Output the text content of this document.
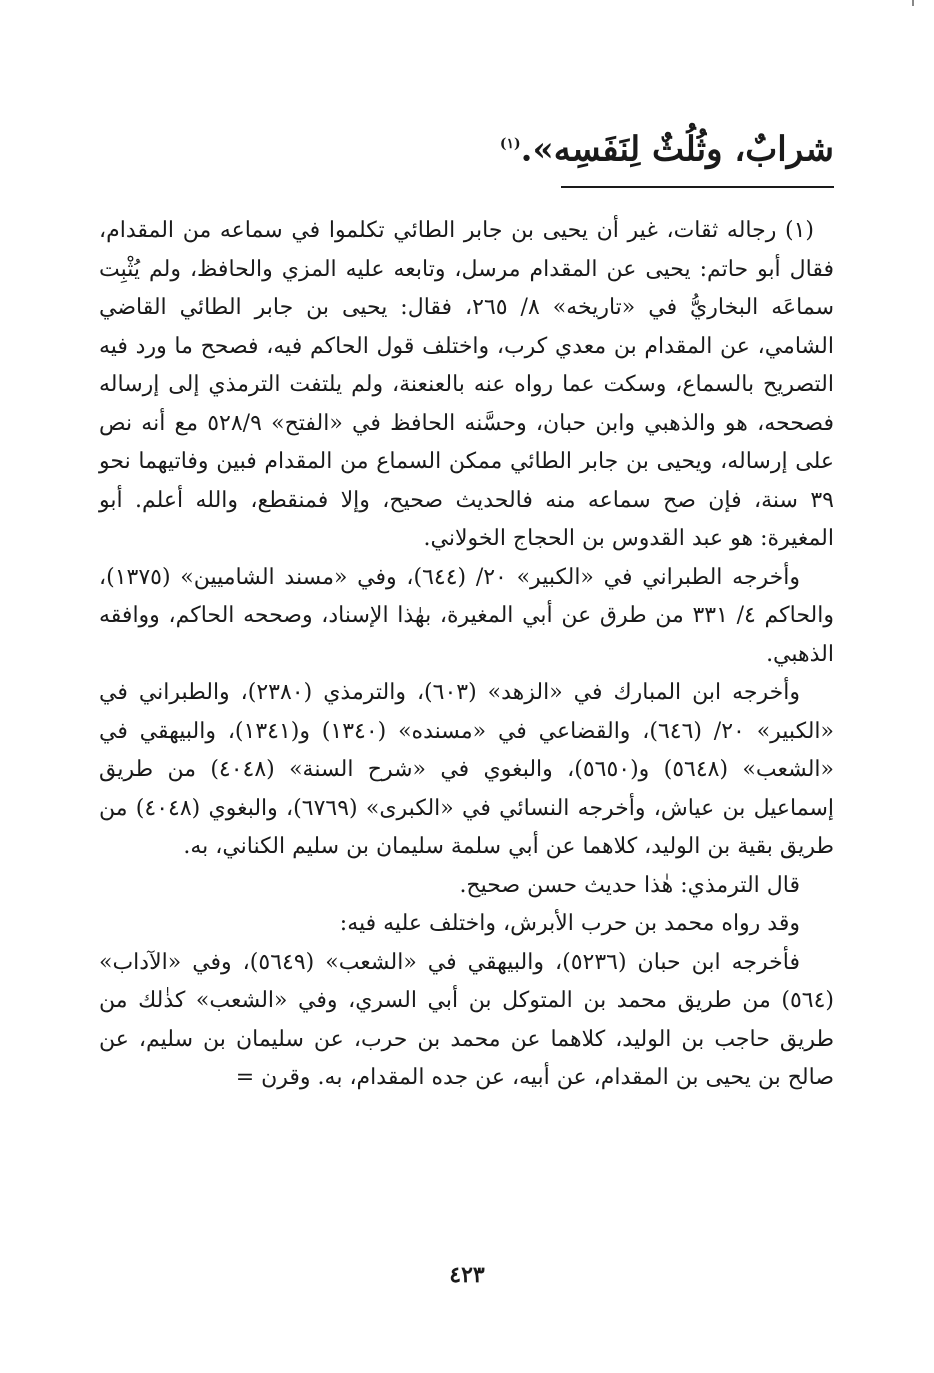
شرابٌ، وثُلُثٌ لِنَفَسِه».$^{(١)}$

(١) رجاله ثقات، غير أن يحيى بن جابر الطائي تكلموا في سماعه من المقدام، فقال أبو حاتم: يحيى عن المقدام مرسل، وتابعه عليه المزي والحافظ، ولم يُثْبِت سماعَه البخاريُّ في «تاريخه» ٨/ ٢٦٥، فقال: يحيى بن جابر الطائي القاضي الشامي، عن المقدام بن معدي كرب، واختلف قول الحاكم فيه، فصحح ما ورد فيه التصريح بالسماع، وسكت عما رواه عنه بالعنعنة، ولم يلتفت الترمذي إلى إرساله فصححه، هو والذهبي وابن حبان، وحسَّنه الحافظ في «الفتح» ٥٢٨/٩ مع أنه نص على إرساله، ويحيى بن جابر الطائي ممكن السماع من المقدام فبين وفاتيهما نحو ٣٩ سنة، فإن صح سماعه منه فالحديث صحيح، وإلا فمنقطع، والله أعلم. أبو المغيرة: هو عبد القدوس بن الحجاج الخولاني.

وأخرجه الطبراني في «الكبير» ٢٠/ (٦٤٤)، وفي «مسند الشاميين» (١٣٧٥)، والحاكم ٤/ ٣٣١ من طرق عن أبي المغيرة، بهٰذا الإسناد، وصححه الحاكم، ووافقه الذهبي.

وأخرجه ابن المبارك في «الزهد» (٦٠٣)، والترمذي (٢٣٨٠)، والطبراني في «الكبير» ٢٠/ (٦٤٦)، والقضاعي في «مسنده» (١٣٤٠) و(١٣٤١)، والبيهقي في «الشعب» (٥٦٤٨) و(٥٦٥٠)، والبغوي في «شرح السنة» (٤٠٤٨) من طريق إسماعيل بن عياش، وأخرجه النسائي في «الكبرى» (٦٧٦٩)، والبغوي (٤٠٤٨) من طريق بقية بن الوليد، كلاهما عن أبي سلمة سليمان بن سليم الكناني، به.

قال الترمذي: هٰذا حديث حسن صحيح.

وقد رواه محمد بن حرب الأبرش، واختلف عليه فيه:

فأخرجه ابن حبان (٥٢٣٦)، والبيهقي في «الشعب» (٥٦٤٩)، وفي «الآداب» (٥٦٤) من طريق محمد بن المتوكل بن أبي السري، وفي «الشعب» كذٰلك من طريق حاجب بن الوليد، كلاهما عن محمد بن حرب، عن سليمان بن سليم، عن صالح بن يحيى بن المقدام، عن أبيه، عن جده المقدام، به. وقرن =

٤٢٣
